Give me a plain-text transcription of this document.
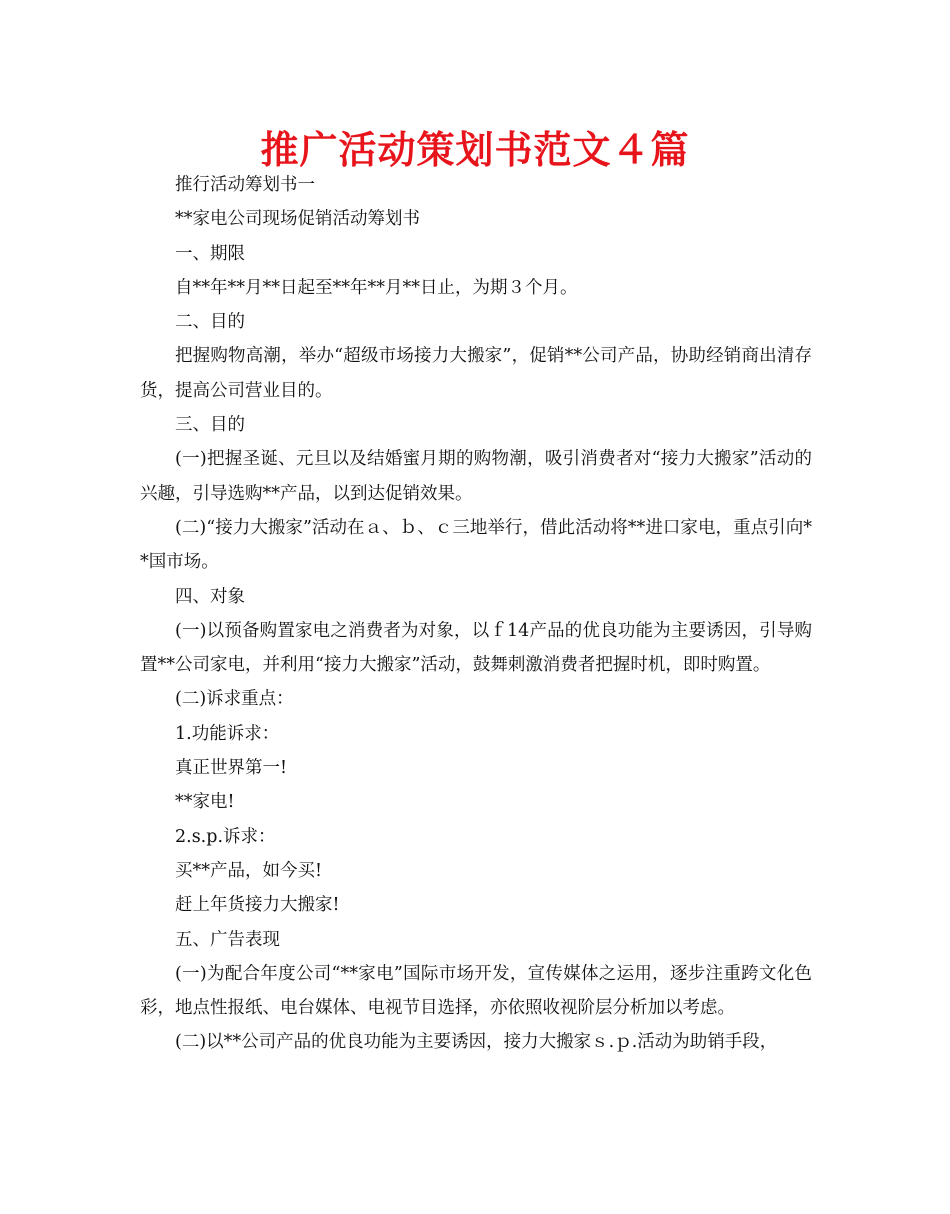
推广活动策划书范文４篇

推行活动筹划书一

**家电公司现场促销活动筹划书

一、期限

自**年**月**日起至**年**月**日止，为期３个月。

二、目的

把握购物高潮，举办“超级市场接力大搬家”，促销**公司产品，协助经销商出清存货，提高公司营业目的。

三、目的

(一)把握圣诞、元旦以及结婚蜜月期的购物潮，吸引消费者对“接力大搬家”活动的兴趣，引导选购**产品，以到达促销效果。

(二)“接力大搬家”活动在ａ、ｂ、ｃ三地举行，借此活动将**进口家电，重点引向**国市场。

四、对象

(一)以预备购置家电之消费者为对象，以ｆ14产品的优良功能为主要诱因，引导购置**公司家电，并利用“接力大搬家”活动，鼓舞刺激消费者把握时机，即时购置。

(二)诉求重点：

1.功能诉求：

真正世界第一!

**家电!

2.s.p.诉求：

买**产品，如今买!

赶上年货接力大搬家!

五、广告表现

(一)为配合年度公司“**家电”国际市场开发，宣传媒体之运用，逐步注重跨文化色彩，地点性报纸、电台媒体、电视节目选择，亦依照收视阶层分析加以考虑。

(二)以**公司产品的优良功能为主要诱因，接力大搬家ｓ.ｐ.活动为助销手段，
